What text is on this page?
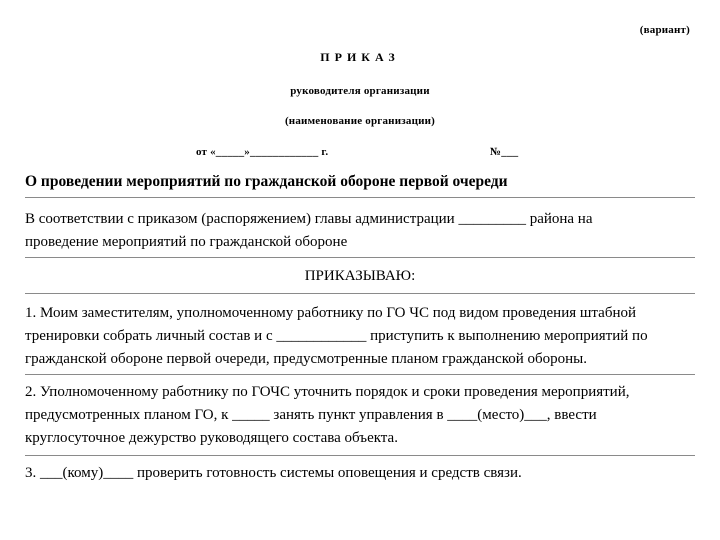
(вариант)
ПРИКАЗ
руководителя организации
(наименование организации)
от «_____»____________ г.	№___
О проведении мероприятий по гражданской обороне первой очереди
В соответствии с приказом (распоряжением) главы администрации _________ района на
проведение мероприятий по гражданской обороне
ПРИКАЗЫВАЮ:
1. Моим заместителям, уполномоченному работнику по ГО ЧС под видом проведения штабной
тренировки собрать личный состав и с ____________ приступить к выполнению мероприятий по
гражданской обороне первой очереди, предусмотренные планом гражданской обороны.
2. Уполномоченному работнику по ГОЧС уточнить порядок и сроки проведения мероприятий,
предусмотренных планом ГО, к _____ занять пункт управления в ____(место)___, ввести
круглосуточное дежурство руководящего состава объекта.
3. ___(кому)____ проверить готовность системы оповещения и средств связи.
